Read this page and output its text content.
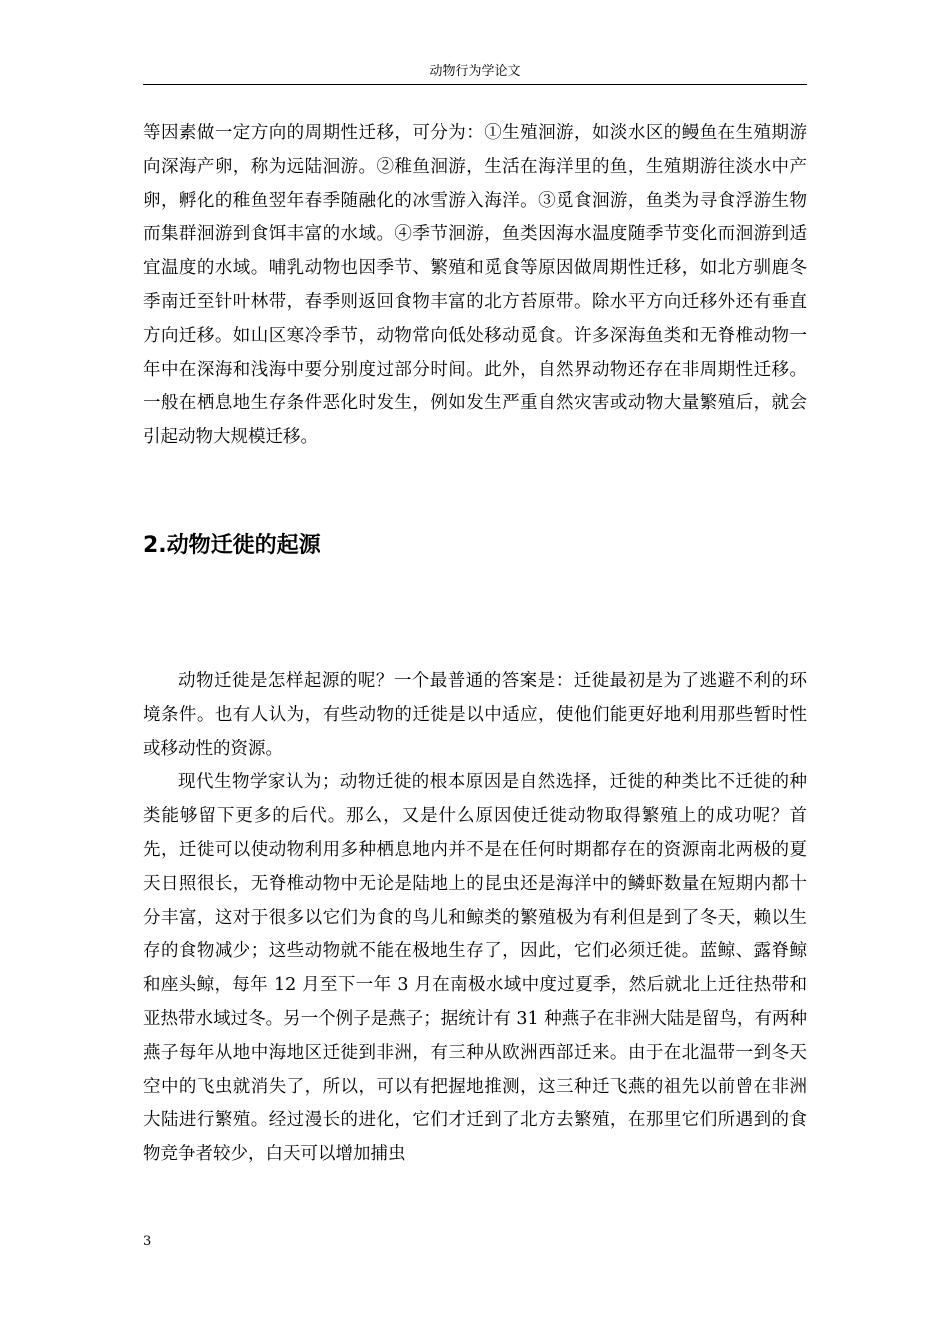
动物行为学论文

等因素做一定方向的周期性迁移，可分为：①生殖洄游，如淡水区的鳗鱼在生殖期游向深海产卵，称为远陆洄游。②稚鱼洄游，生活在海洋里的鱼，生殖期游往淡水中产卵，孵化的稚鱼翌年春季随融化的冰雪游入海洋。③觅食洄游，鱼类为寻食浮游生物而集群洄游到食饵丰富的水域。④季节洄游，鱼类因海水温度随季节变化而洄游到适宜温度的水域。哺乳动物也因季节、繁殖和觅食等原因做周期性迁移，如北方驯鹿冬季南迁至针叶林带，春季则返回食物丰富的北方苔原带。除水平方向迁移外还有垂直方向迁移。如山区寒冷季节，动物常向低处移动觅食。许多深海鱼类和无脊椎动物一年中在深海和浅海中要分别度过部分时间。此外，自然界动物还存在非周期性迁移。一般在栖息地生存条件恶化时发生，例如发生严重自然灾害或动物大量繁殖后，就会引起动物大规模迁移。

2.动物迁徙的起源

动物迁徙是怎样起源的呢？一个最普通的答案是：迁徙最初是为了逃避不利的环境条件。也有人认为，有些动物的迁徙是以中适应，使他们能更好地利用那些暂时性或移动性的资源。

现代生物学家认为；动物迁徙的根本原因是自然选择，迁徙的种类比不迁徙的种类能够留下更多的后代。那么，又是什么原因使迁徙动物取得繁殖上的成功呢？首先，迁徙可以使动物利用多种栖息地内并不是在任何时期都存在的资源南北两极的夏天日照很长，无脊椎动物中无论是陆地上的昆虫还是海洋中的鳞虾数量在短期内都十分丰富，这对于很多以它们为食的鸟儿和鲸类的繁殖极为有利但是到了冬天，赖以生存的食物减少；这些动物就不能在极地生存了，因此，它们必须迁徙。蓝鲸、露脊鲸和座头鲸，每年 12 月至下一年 3 月在南极水域中度过夏季，然后就北上迁往热带和亚热带水域过冬。另一个例子是燕子；据统计有 31 种燕子在非洲大陆是留鸟，有两种燕子每年从地中海地区迁徙到非洲，有三种从欧洲西部迁来。由于在北温带一到冬天空中的飞虫就消失了，所以，可以有把握地推测，这三种迁飞燕的祖先以前曾在非洲大陆进行繁殖。经过漫长的进化，它们才迁到了北方去繁殖，在那里它们所遇到的食物竞争者较少，白天可以增加捕虫

3
